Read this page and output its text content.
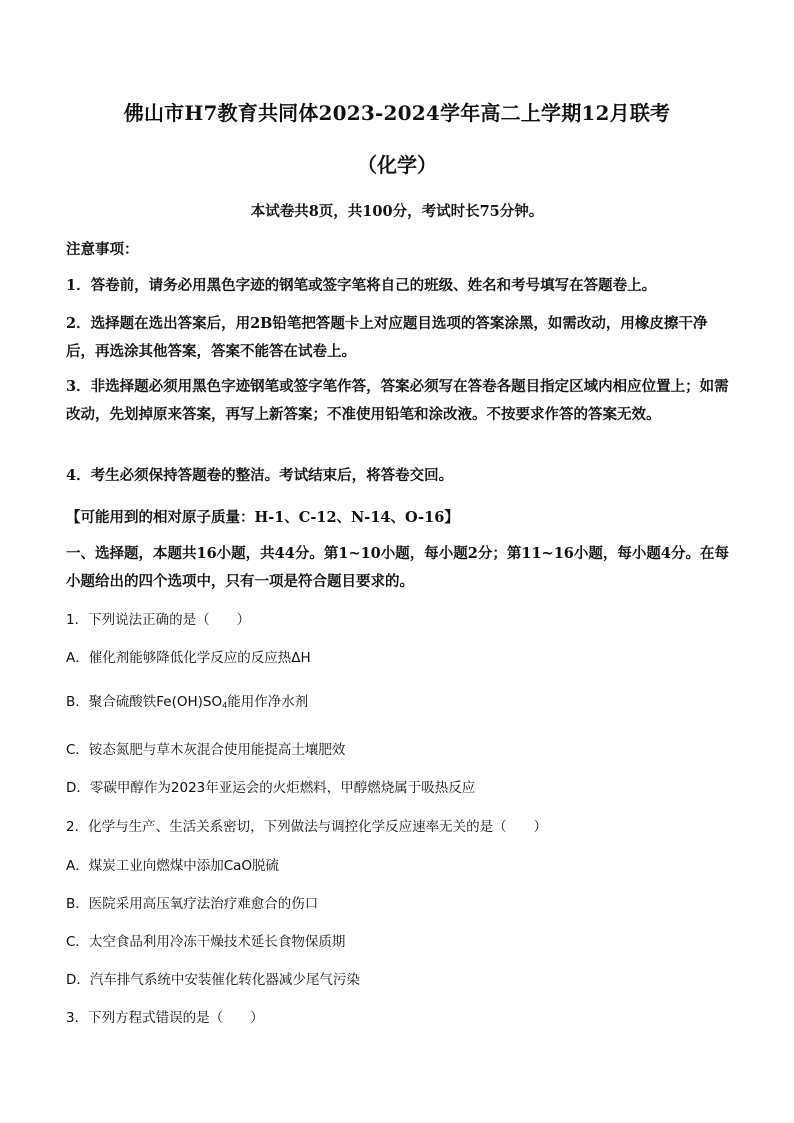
佛山市H7教育共同体2023-2024学年高二上学期12月联考
（化学）
本试卷共8页，共100分，考试时长75分钟。
注意事项：
1．答卷前，请务必用黑色字迹的钢笔或签字笔将自己的班级、姓名和考号填写在答题卷上。
2．选择题在选出答案后，用2B铅笔把答题卡上对应题目选项的答案涂黑，如需改动，用橡皮擦干净后，再选涂其他答案，答案不能答在试卷上。
3．非选择题必须用黑色字迹钢笔或签字笔作答，答案必须写在答卷各题目指定区域内相应位置上；如需改动，先划掉原来答案，再写上新答案；不准使用铅笔和涂改液。不按要求作答的答案无效。
4．考生必须保持答题卷的整洁。考试结束后，将答卷交回。
【可能用到的相对原子质量：H-1、C-12、N-14、O-16】
一、选择题，本题共16小题，共44分。第1~10小题，每小题2分；第11~16小题，每小题4分。在每小题给出的四个选项中，只有一项是符合题目要求的。
1．下列说法正确的是（　　）
A．催化剂能够降低化学反应的反应热ΔH
B．聚合硫酸铁Fe(OH)SO4能用作净水剂
C．铵态氮肥与草木灰混合使用能提高土壤肥效
D．零碳甲醇作为2023年亚运会的火炬燃料，甲醇燃烧属于吸热反应
2．化学与生产、生活关系密切，下列做法与调控化学反应速率无关的是（　　）
A．煤炭工业向燃煤中添加CaO脱硫
B．医院采用高压氧疗法治疗难愈合的伤口
C．太空食品利用冷冻干燥技术延长食物保质期
D．汽车排气系统中安装催化转化器减少尾气污染
3．下列方程式错误的是（　　）
